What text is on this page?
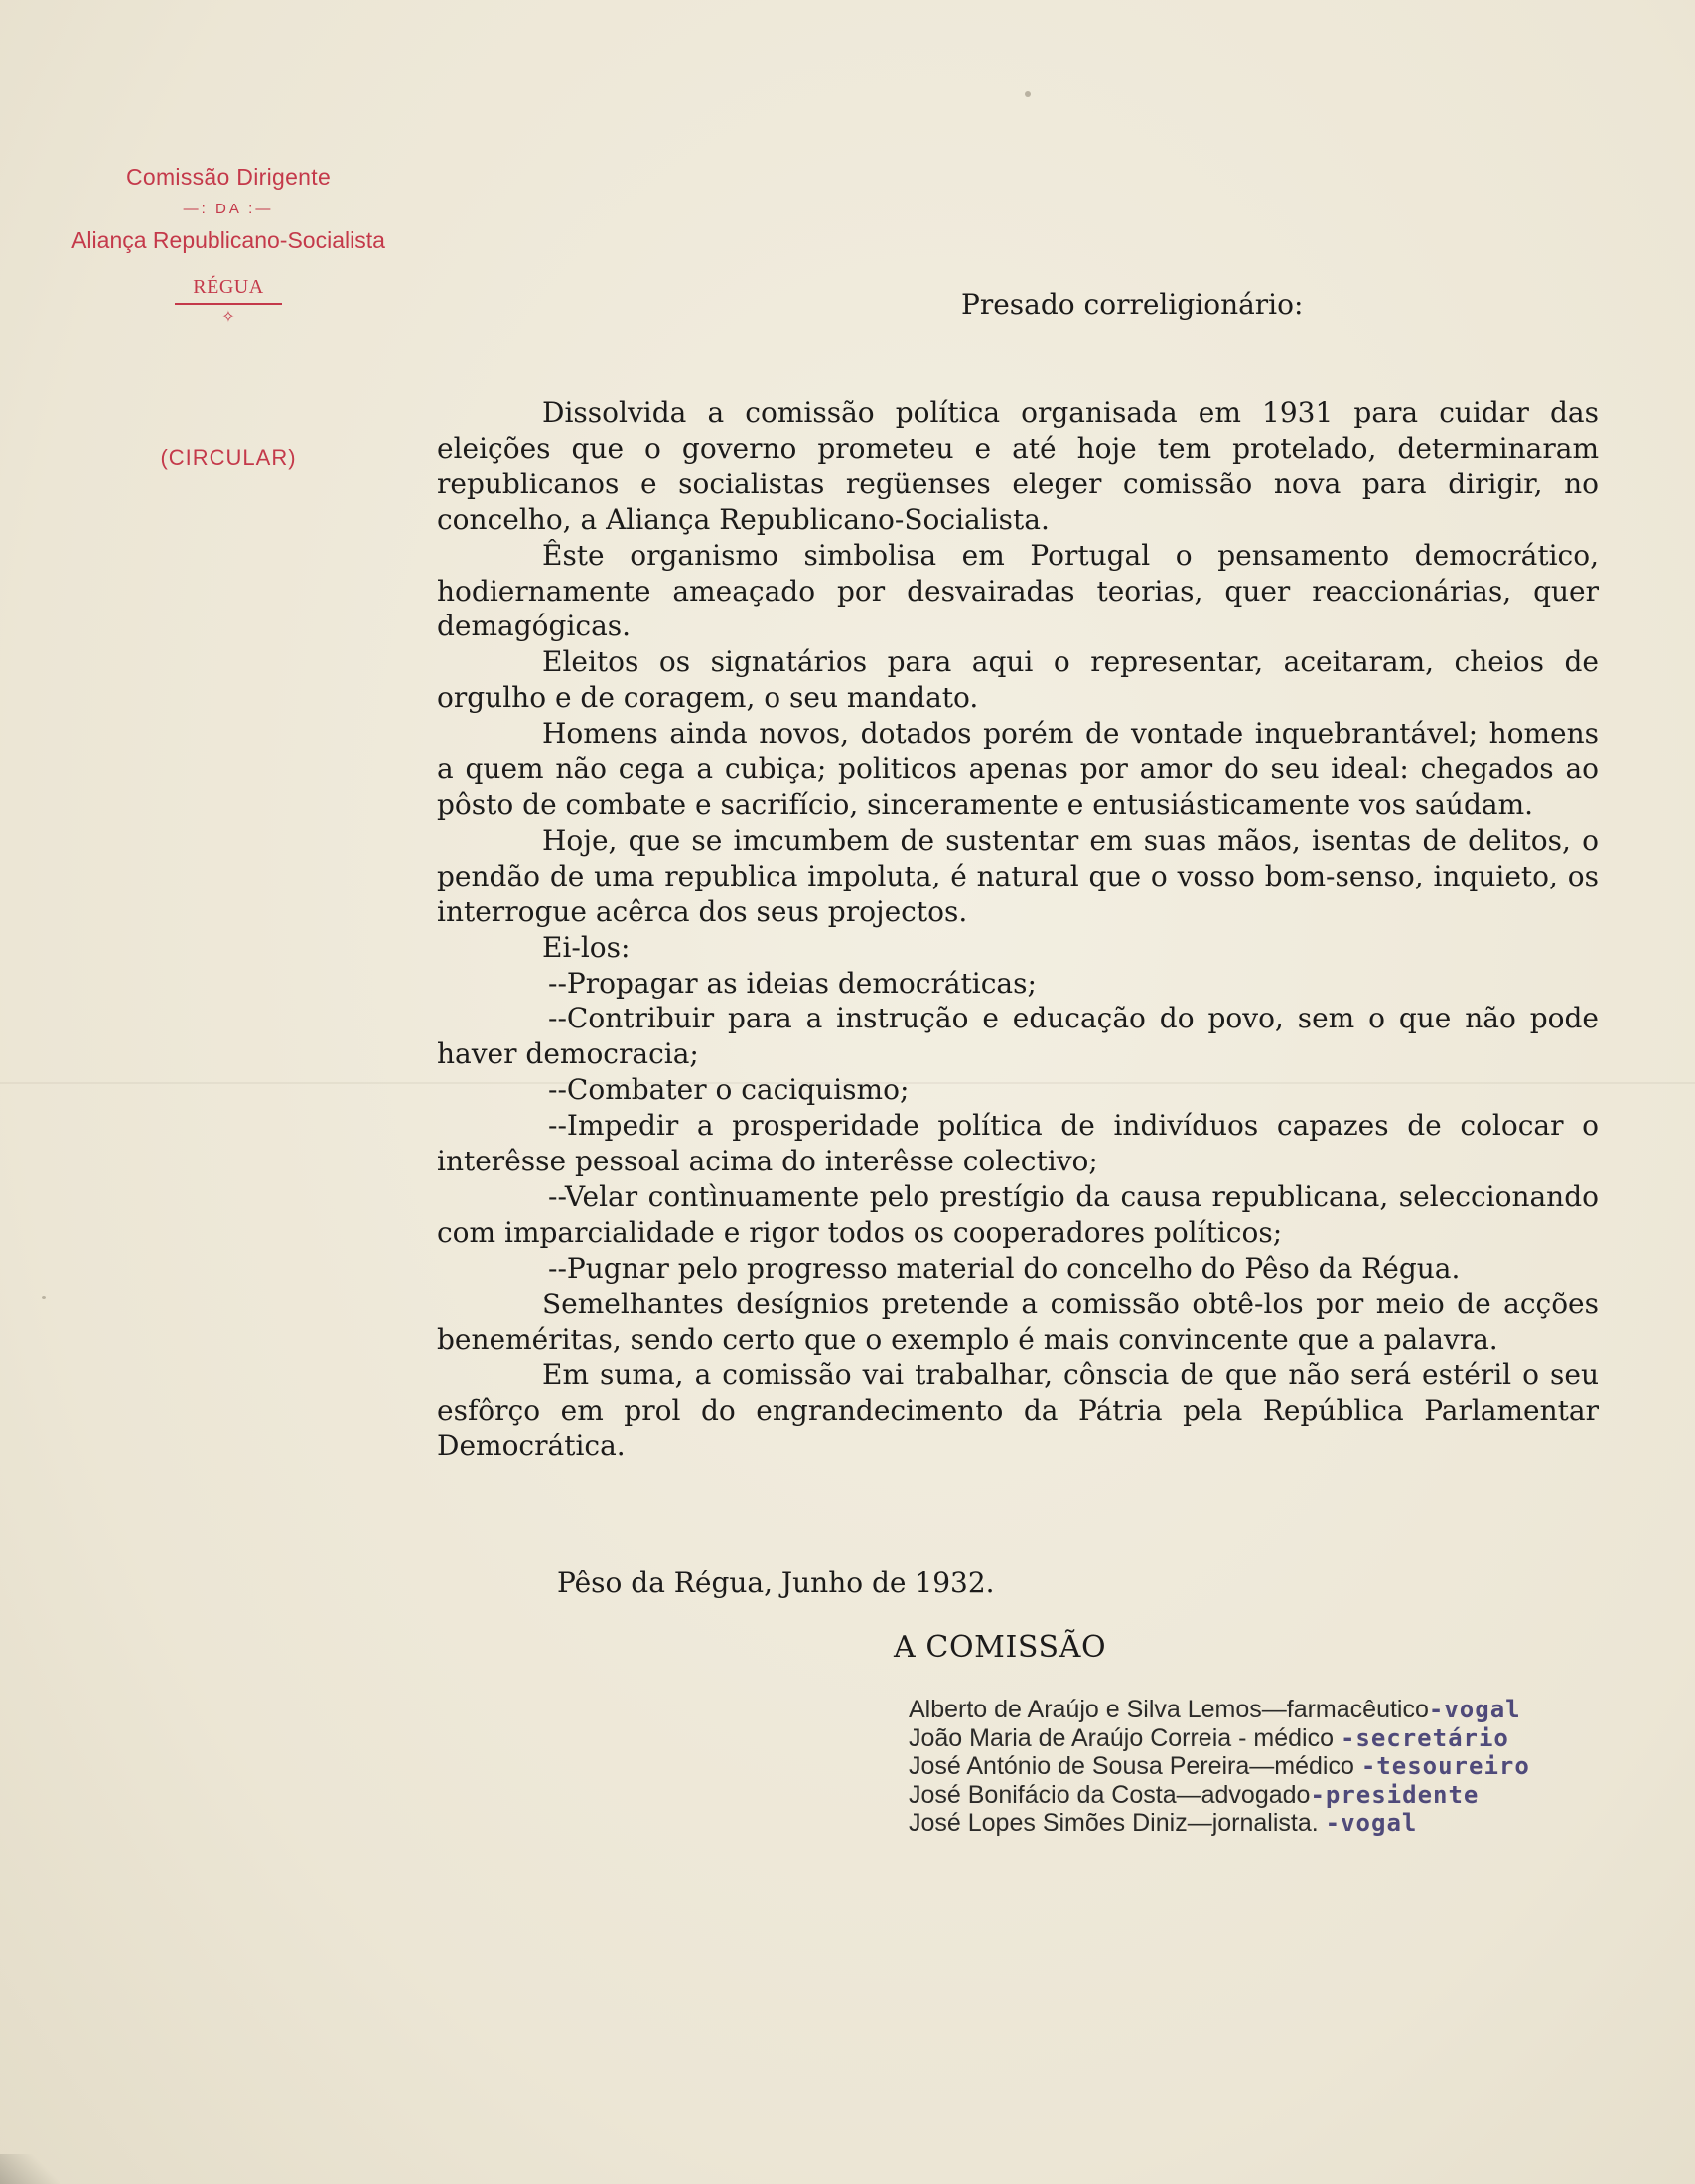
Comissão Dirigente
—: DA :—
Aliança Republicano-Socialista
RÉGUA
✧
(CIRCULAR)
Presado correligionário:

Dissolvida a comissão política organisada em 1931 para cuidar das eleições que o governo prometeu e até hoje tem protelado, determinaram republicanos e socialistas regüenses eleger comissão nova para dirigir, no concelho, a Aliança Republicano-Socialista.

Êste organismo simbolisa em Portugal o pensamento democrático, hodiernamente ameaçado por desvairadas teorias, quer reaccionárias, quer demagógicas.

Eleitos os signatários para aqui o representar, aceitaram, cheios de orgulho e de coragem, o seu mandato.

Homens ainda novos, dotados porém de vontade inquebrantável; homens a quem não cega a cubiça; politicos apenas por amor do seu ideal: chegados ao pôsto de combate e sacrifício, sinceramente e entusiásticamente vos saúdam.

Hoje, que se imcumbem de sustentar em suas mãos, isentas de delitos, o pendão de uma republica impoluta, é natural que o vosso bom-senso, inquieto, os interrogue acêrca dos seus projectos.

Ei-los:

--Propagar as ideias democráticas;

--Contribuir para a instrução e educação do povo, sem o que não pode haver democracia;

--Combater o caciquismo;

--Impedir a prosperidade política de indivíduos capazes de colocar o interêsse pessoal acima do interêsse colectivo;

--Velar contìnuamente pelo prestígio da causa republicana, seleccionando com imparcialidade e rigor todos os cooperadores políticos;

--Pugnar pelo progresso material do concelho do Pêso da Régua.

Semelhantes desígnios pretende a comissão obtê-los por meio de acções beneméritas, sendo certo que o exemplo é mais convincente que a palavra.

Em suma, a comissão vai trabalhar, cônscia de que não será estéril o seu esfôrço em prol do engrandecimento da Pátria pela República Parlamentar Democrática.

Pêso da Régua, Junho de 1932.
A COMISSÃO
Alberto de Araújo e Silva Lemos—farmacêutico-vogal
João Maria de Araújo Correia - médico -secretário
José António de Sousa Pereira—médico -tesoureiro
José Bonifácio da Costa—advogado-presidente
José Lopes Simões Diniz—jornalista. -vogal
